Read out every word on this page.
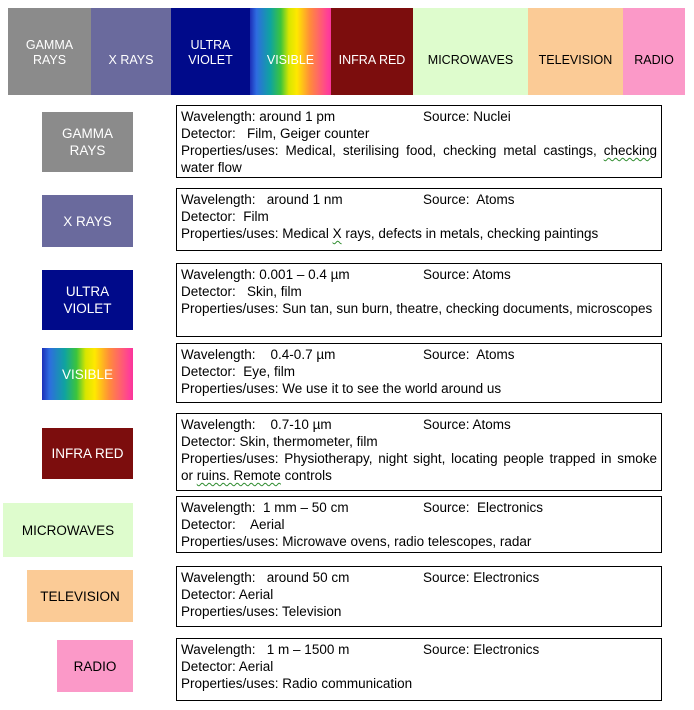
GAMMA RAYS	X RAYS
ULTRA VIOLET	VISIBLE	INFRA RED	MICROWAVES	TELEVISION	RADIO
GAMMA RAYS
Wavelength: around 1 pm	Source: Nuclei
Detector:   Film, Geiger counter
Properties/uses: Medical, sterilising food, checking metal castings, checking water flow
X RAYS
Wavelength:   around 1 nm	Source:  Atoms
Detector:  Film
Properties/uses: Medical X rays, defects in metals, checking paintings
ULTRA VIOLET
Wavelength: 0.001 – 0.4 µm	Source: Atoms
Detector:   Skin, film
Properties/uses: Sun tan, sun burn, theatre, checking documents, microscopes
VISIBLE
Wavelength:    0.4-0.7 µm	Source:  Atoms
Detector:  Eye, film
Properties/uses: We use it to see the world around us
INFRA RED
Wavelength:    0.7-10 µm	Source: Atoms
Detector: Skin, thermometer, film
Properties/uses: Physiotherapy, night sight, locating people trapped in smoke or ruins. Remote controls
MICROWAVES
Wavelength:  1 mm – 50 cm	Source:  Electronics
Detector:    Aerial
Properties/uses: Microwave ovens, radio telescopes, radar
TELEVISION
Wavelength:   around 50 cm	Source: Electronics
Detector: Aerial
Properties/uses: Television
RADIO
Wavelength:   1 m – 1500 m	Source: Electronics
Detector: Aerial
Properties/uses: Radio communication
